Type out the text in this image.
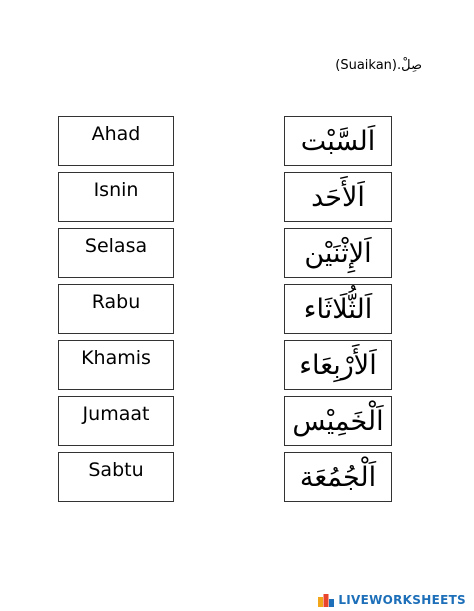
(Suaikan).صِلْ
Ahad
Isnin
Selasa
Rabu
Khamis
Jumaat
Sabtu
اَلسَّبْت
اَلأَحَد
اَلإِثْنَيْن
اَلثُّلَاثَاء
اَلأَرْبِعَاء
اَلْخَمِيْس
اَلْجُمُعَة
LIVEWORKSHEETS
